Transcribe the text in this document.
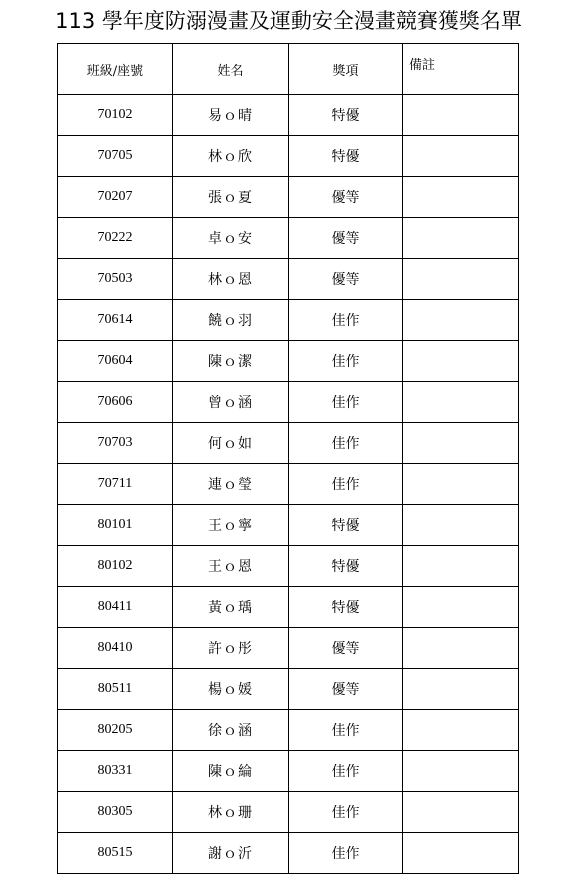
113 學年度防溺漫畫及運動安全漫畫競賽獲獎名單
班級/座號	姓名	獎項	備註
70102	易ｏ晴	特優	
70705	林ｏ欣	特優	
70207	張ｏ夏	優等	
70222	卓ｏ安	優等	
70503	林ｏ恩	優等	
70614	饒ｏ羽	佳作	
70604	陳ｏ潔	佳作	
70606	曾ｏ涵	佳作	
70703	何ｏ如	佳作	
70711	連ｏ瑩	佳作	
80101	王ｏ寧	特優	
80102	王ｏ恩	特優	
80411	黃ｏ瑀	特優	
80410	許ｏ彤	優等	
80511	楊ｏ媛	優等	
80205	徐ｏ涵	佳作	
80331	陳ｏ綸	佳作	
80305	林ｏ珊	佳作	
80515	謝ｏ沂	佳作	
